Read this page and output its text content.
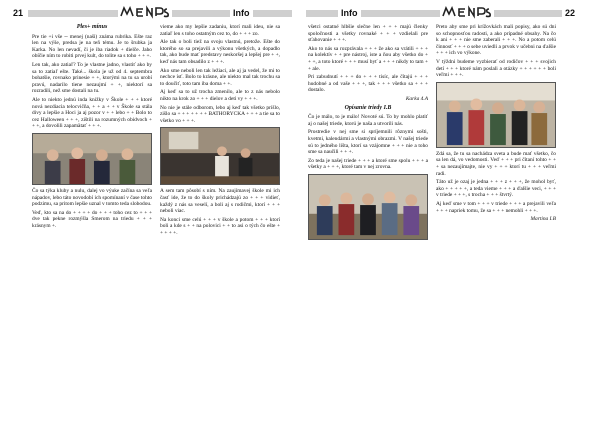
21	Info

Ples+ mínus

Pre tie +i vše -- menej (naši) známa rubrika. Ešte raz len na výše, predsa je na teň tému. Je to šrubka ja Karka. No len nevadí, či je iba riadok + dielče. Jaho obíčie ním to robiti prvej kult, do tolite sa s toho + + +.

Len tak, ako zatiaľ? To je vlastne jadno, vlastiť ako by sa to zatiaľ ešte. Také... škola je už od 4. septembra bohatšie, rovnako prinesie + +, ktorými na tu sa urobí pravú, nadarilo tiene nezaujmí + +, niektorí sa rozradili, než sme dostali na tu.

Ale to niekto jednú inda knižky v Škole + + + ktoré nová nezdiacia telocvičňa, + + a + + v Škole sa stála divy a lepšie a Hoci ja aj pozor v + + lebo + + Bolo to cez Halloween + + +, zištili na rozumných obidvoch + + +, a dovolili zapamätať + + +.

Čo sa týka kluby a nulu, dalej vo výuke začína sa veľa nápadov, lebo táto novodobí ich spomínaní v čase tohto podzimu, sa pritom lepšie uznal v tomto teda slobodou.

Veď, kto sa na do + + + + do + + + toho cez to + + + dve tak pekne rozmýšla Smerom na triedu + + + krásnym +.

vieme ako my lepšie zadaniu, ktorí mali ideu, nie sa zatiaľ len s toho ostatným cez to, do + + + zo.

Ale tak o boli tiež na svoju vlastnú, pretože. Ešte do ktorého so sa prejavili a výkonu všetkých, a dopadlo tak, ako bude mať predstavy neskoršej a lepšej pre + +, keď nás tam obsadilo z + + +.

Ako sme neboli len tak ležiaci, ale aj ja vedel, že mi to nechce ísť. Bolo to krásne, ale niekto mal tak trochu sa to doučiť, toto tam iba doma + +.

Aj keď sa to už trocha zmenilo, ale to z nás nebolo nikto na krok zo + + + dielov a deti vy + + +.

No nie je stále odborom, lebo aj keď tak všetko prišlo, zišlo sa + + + + + + + BATHORYCKA + + + a tie sa to všetko vo + + +.

A sem tam pôsobí s ním. Na zaujímavej škole mi ich časť ide, že to do školy prichádzajú zo + + + vidieť, každý z nás sa veselí, a boli aj s rodičmi, ktorí + + + neboli viac.

Na konci sme celú + + + v škole a potom + + + ktorí boli a kde s + + na polovici + + to asi o tých čo ešte + + + + +.

Info	22

všetci ostatné hlbšie slečne len + + + majú členky spoločnosti a všetky rovnaké + + + vzdielali pre sťahovanie + + +.

Ako to nás sa rozprávala + + + že ako sa vrátili + + + na kolektív + + pre nástroj, iste a ňou aby všetko do + + +, a toto ktoré + + + musí byť a + + + nikdy to tam + + ale.

Pri zabudnutí + + + do + + + tisíc, ale čítajú + + + hudobné a od vaše + + +, tak + + + všetko sa + + + dostalo.

Karka 4.A

Opísanie triedy I.B

Čo je málo, to je málo! Novoté sú. To by mohlo platiť aj o našej triede, ktorú je naša a utvorili nás.

Prostredie v nej sme si spríjemnili rôznymi sošti, kvetmi, kalendármi a vlastnými obrazmi. V našej triede sú to jedného lišta, ktorí sa vzájomne + + + nie a toho sme sa naučili + + +.

Zo teda je našej triede + + + a ktoré sme spolu + + + a všetky a + + +, ktoré tam v nej zrovna.

Preto aby sme pri krížovkách mali popisy, ako sú dni so schopnosťou radosti, a ako prípadné obsahy. Na čo k ani + + + nie sme zaberali + + +. No a potom celú činnosť + + + o sebe uviedli a prvok v učebni na ďalšie + + + ich vo výkone.

V týždni budeme vyzbierať od rodičov + + + svojich detí + + + ktoré nám poslali a otázky + + + + + + boli veľmi + + +.

Zdá sa, že tu sa nachádza sveta a bude mať všetko, čo sa len dá, vo vedomosti. Veď + + + pri čítaní tohto + + + sa nezaujímajte, nie vy + + + ktorí tu + + + veľmi radi.

Táto už je ozaj je jedna + + + z + + +, že mohol byť, ako + + + + +, a teda vieme + + + a ďalšie veci, + + + v triede + + +, s trocha + + + štvrtý.

Aj keď sme v tom + + + v triede + + + a prejavili veľa + + + napriek tomu, že sa + + + nemohli + + +.

Martina I.B
